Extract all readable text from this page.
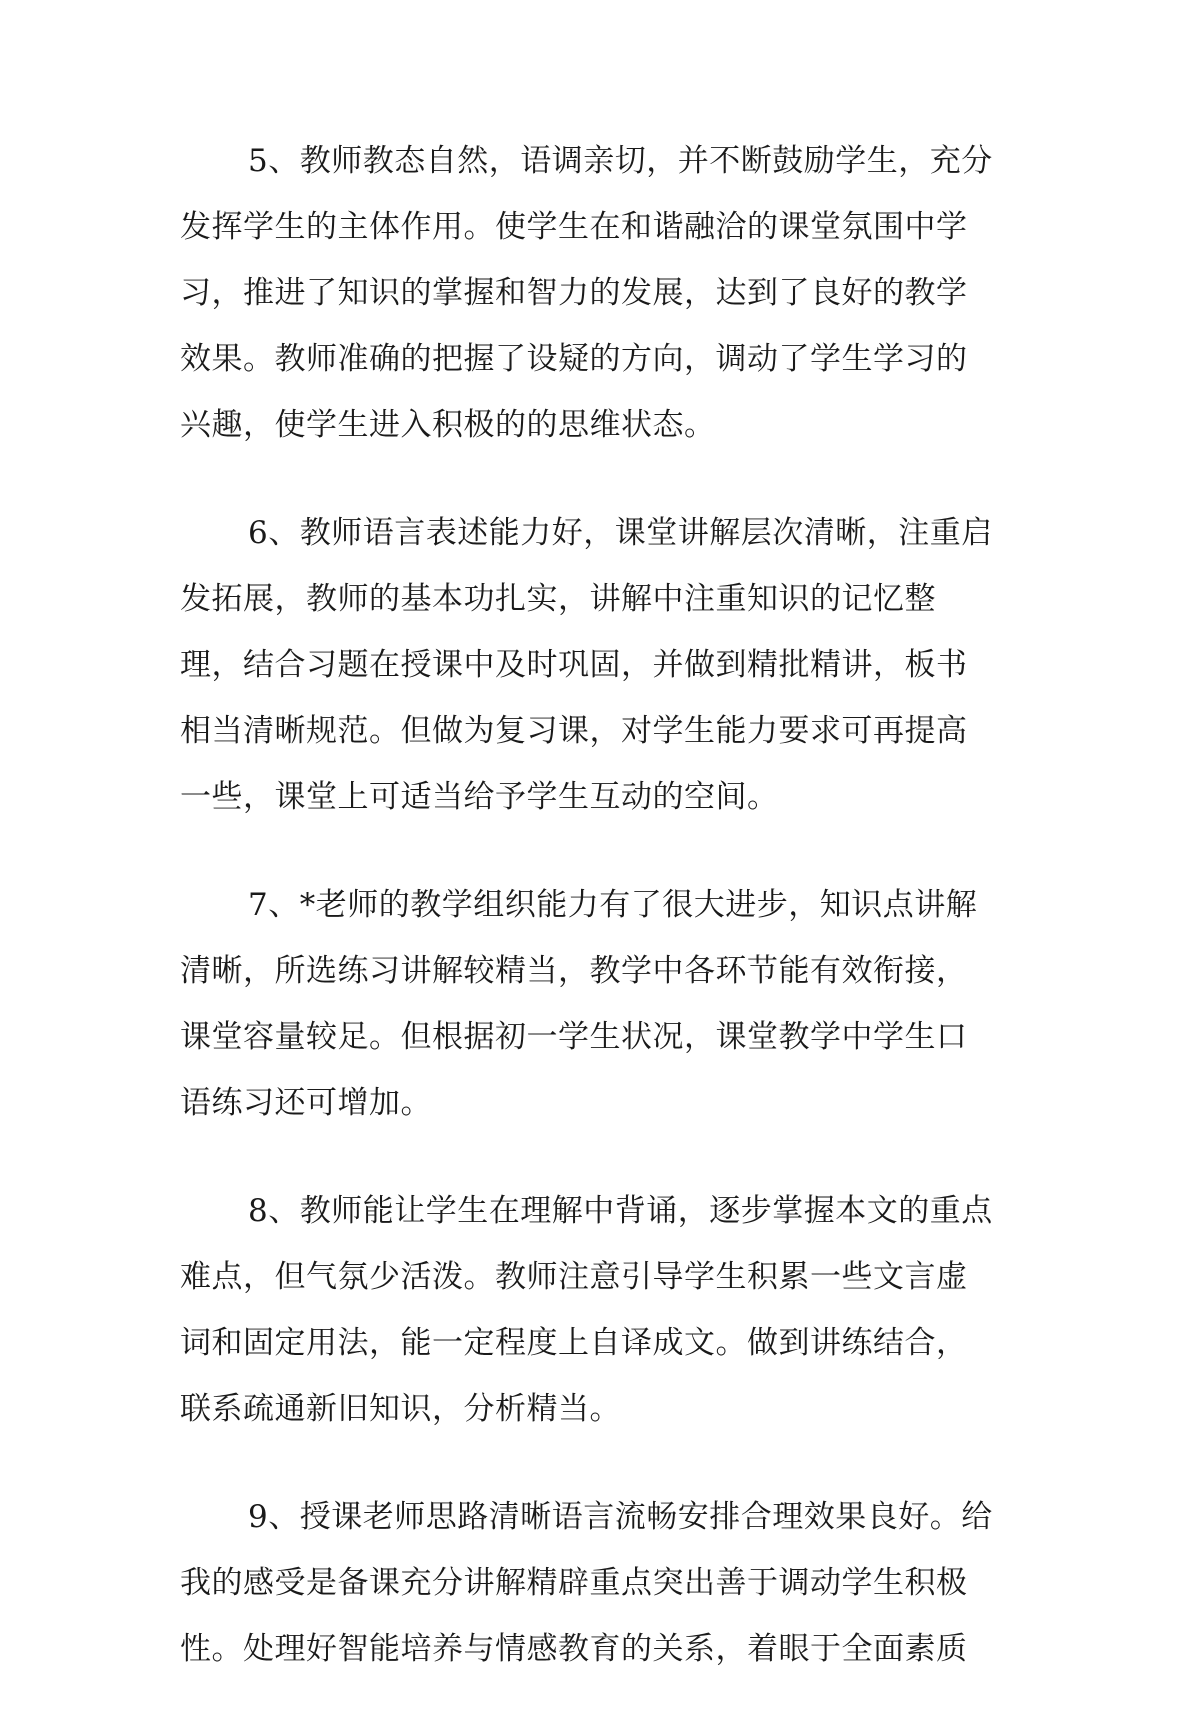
5、教师教态自然，语调亲切，并不断鼓励学生，充分
发挥学生的主体作用。使学生在和谐融洽的课堂氛围中学
习，推进了知识的掌握和智力的发展，达到了良好的教学
效果。教师准确的把握了设疑的方向，调动了学生学习的
兴趣，使学生进入积极的的思维状态。
6、教师语言表述能力好，课堂讲解层次清晰，注重启
发拓展，教师的基本功扎实，讲解中注重知识的记忆整
理，结合习题在授课中及时巩固，并做到精批精讲，板书
相当清晰规范。但做为复习课，对学生能力要求可再提高
一些，课堂上可适当给予学生互动的空间。
7、*老师的教学组织能力有了很大进步，知识点讲解
清晰，所选练习讲解较精当，教学中各环节能有效衔接，
课堂容量较足。但根据初一学生状况，课堂教学中学生口
语练习还可增加。
8、教师能让学生在理解中背诵，逐步掌握本文的重点
难点，但气氛少活泼。教师注意引导学生积累一些文言虚
词和固定用法，能一定程度上自译成文。做到讲练结合，
联系疏通新旧知识，分析精当。
9、授课老师思路清晰语言流畅安排合理效果良好。给
我的感受是备课充分讲解精辟重点突出善于调动学生积极
性。处理好智能培养与情感教育的关系，着眼于全面素质
